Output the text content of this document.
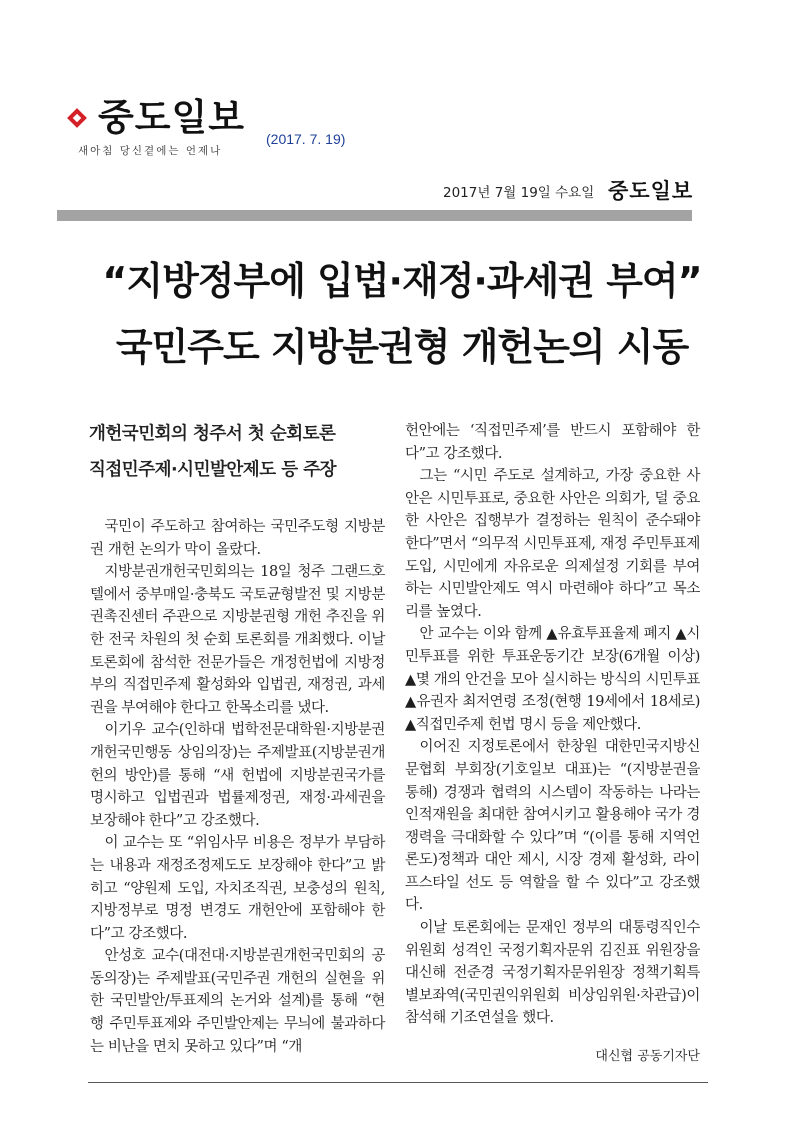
중도일보
새아침 당신곁에는 언제나
(2017. 7. 19)
2017년 7월 19일 수요일 중도일보
“지방정부에 입법·재정·과세권 부여”
국민주도 지방분권형 개헌논의 시동
개헌국민회의 청주서 첫 순회토론
직접민주제·시민발안제도 등 주장

국민이 주도하고 참여하는 국민주도형 지방분권 개헌 논의가 막이 올랐다.

지방분권개헌국민회의는 18일 청주 그랜드호텔에서 중부매일·충북도 국토균형발전 및 지방분권촉진센터 주관으로 지방분권형 개헌 추진을 위한 전국 차원의 첫 순회 토론회를 개최했다. 이날 토론회에 참석한 전문가들은 개정헌법에 지방정부의 직접민주제 활성화와 입법권, 재정권, 과세권을 부여해야 한다고 한목소리를 냈다.

이기우 교수(인하대 법학전문대학원·지방분권개헌국민행동 상임의장)는 주제발표(지방분권개헌의 방안)를 통해 “새 헌법에 지방분권국가를 명시하고 입법권과 법률제정권, 재정·과세권을 보장해야 한다”고 강조했다.

이 교수는 또 “위임사무 비용은 정부가 부담하는 내용과 재정조정제도도 보장해야 한다”고 밝히고 “양원제 도입, 자치조직권, 보충성의 원칙, 지방정부로 명정 변경도 개헌안에 포함해야 한다”고 강조했다.

안성호 교수(대전대·지방분권개헌국민회의 공동의장)는 주제발표(국민주권 개헌의 실현을 위한 국민발안/투표제의 논거와 설계)를 통해 “현행 주민투표제와 주민발안제는 무늬에 불과하다는 비난을 면치 못하고 있다”며 “개

헌안에는 ‘직접민주제’를 반드시 포함해야 한다”고 강조했다.

그는 “시민 주도로 설계하고, 가장 중요한 사안은 시민투표로, 중요한 사안은 의회가, 덜 중요한 사안은 집행부가 결정하는 원칙이 준수돼야 한다”면서 “의무적 시민투표제, 재정 주민투표제 도입, 시민에게 자유로운 의제설정 기회를 부여하는 시민발안제도 역시 마련해야 하다”고 목소리를 높였다.

안 교수는 이와 함께 ▲유효투표율제 폐지 ▲시민투표를 위한 투표운동기간 보장(6개월 이상) ▲몇 개의 안건을 모아 실시하는 방식의 시민투표 ▲유권자 최저연령 조정(현행 19세에서 18세로) ▲직접민주제 헌법 명시 등을 제안했다.

이어진 지정토론에서 한창원 대한민국지방신문협회 부회장(기호일보 대표)는 “(지방분권을 통해) 경쟁과 협력의 시스템이 작동하는 나라는 인적재원을 최대한 참여시키고 활용해야 국가 경쟁력을 극대화할 수 있다”며 “(이를 통해 지역언론도)정책과 대안 제시, 시장 경제 활성화, 라이프스타일 선도 등 역할을 할 수 있다”고 강조했다.

이날 토론회에는 문재인 정부의 대통령직인수위원회 성격인 국정기획자문위 김진표 위원장을 대신해 전준경 국정기획자문위원장 정책기획특별보좌역(국민권익위원회 비상임위원·차관급)이 참석해 기조연설을 했다.

대신협 공동기자단
